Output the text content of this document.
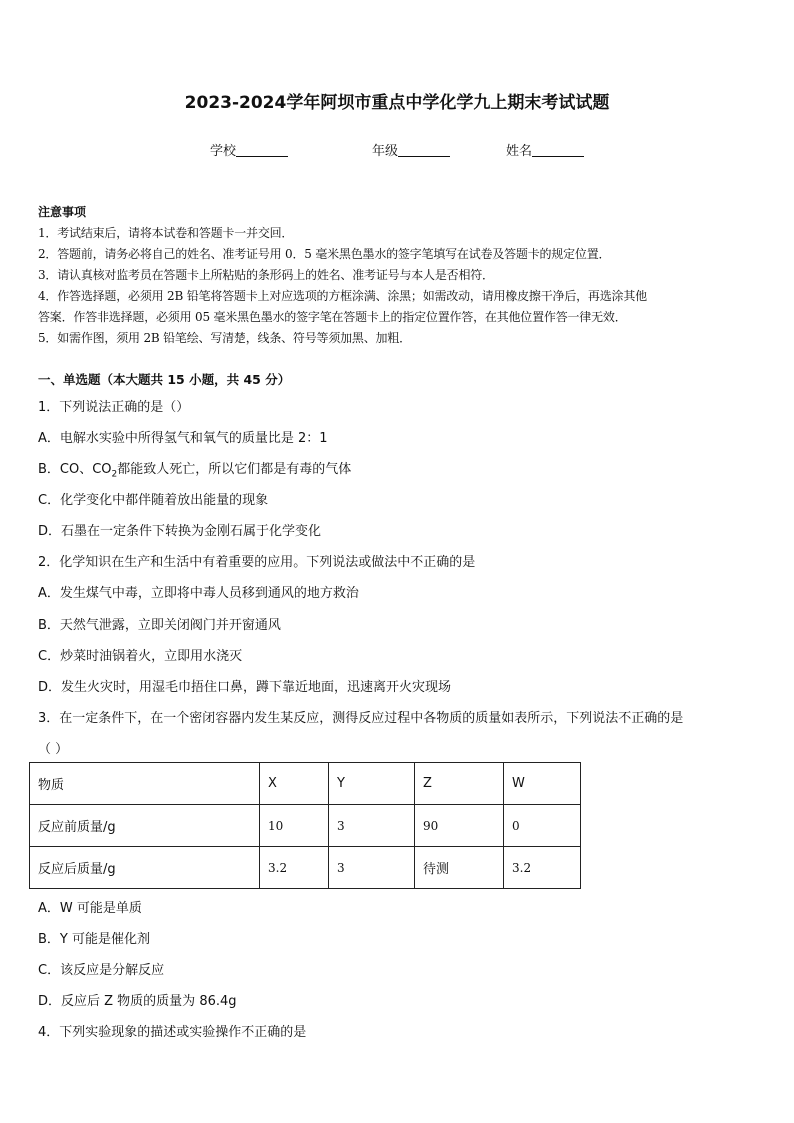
2023-2024学年阿坝市重点中学化学九上期末考试试题
学校	年级	姓名
注意事项
1．考试结束后，请将本试卷和答题卡一并交回．
2．答题前，请务必将自己的姓名、准考证号用 0．5 毫米黑色墨水的签字笔填写在试卷及答题卡的规定位置．
3．请认真核对监考员在答题卡上所粘贴的条形码上的姓名、准考证号与本人是否相符．
4．作答选择题，必须用 2B 铅笔将答题卡上对应选项的方框涂满、涂黑；如需改动，请用橡皮擦干净后，再选涂其他
答案．作答非选择题，必须用 05 毫米黑色墨水的签字笔在答题卡上的指定位置作答，在其他位置作答一律无效．
5．如需作图，须用 2B 铅笔绘、写清楚，线条、符号等须加黑、加粗．
一、单选题（本大题共 15 小题，共 45 分）
1．下列说法正确的是（）
A．电解水实验中所得氢气和氧气的质量比是 2：1
B．CO、$CO_2$都能致人死亡，所以它们都是有毒的气体
C．化学变化中都伴随着放出能量的现象
D．石墨在一定条件下转换为金刚石属于化学变化
2．化学知识在生产和生活中有着重要的应用。下列说法或做法中不正确的是
A．发生煤气中毒，立即将中毒人员移到通风的地方救治
B．天然气泄露，立即关闭阀门并开窗通风
C．炒菜时油锅着火，立即用水浇灭
D．发生火灾时，用湿毛巾捂住口鼻，蹲下靠近地面，迅速离开火灾现场
3．在一定条件下，在一个密闭容器内发生某反应，测得反应过程中各物质的质量如表所示，下列说法不正确的是
（ ）
物质	X	Y	Z	W
反应前质量/g	10	3	90	0
反应后质量/g	3.2	3	待测	3.2
A．W 可能是单质
B．Y 可能是催化剂
C．该反应是分解反应
D．反应后 Z 物质的质量为 86.4g
4．下列实验现象的描述或实验操作不正确的是
